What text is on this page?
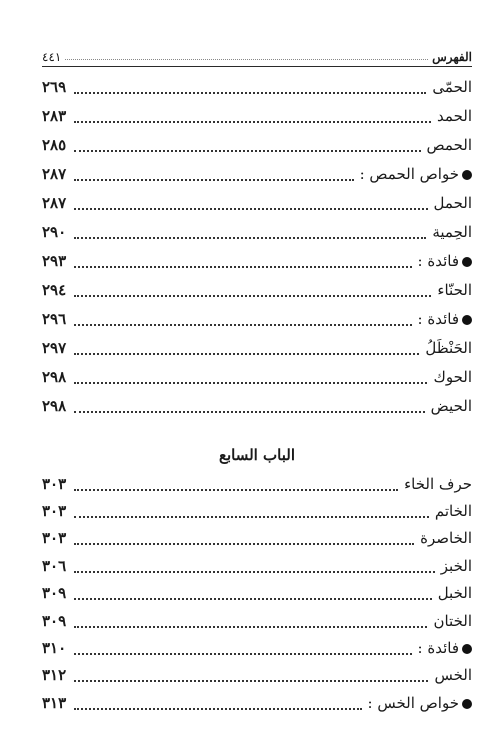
الفهرس
٤٤١
الحمّى
٢٦٩
الحمد
٢٨٣
الحمص
٢٨٥
خواص الحمص :
٢٨٧
الحمل
٢٨٧
الحِمية
٢٩٠
فائدة :
٢٩٣
الحنّاء
٢٩٤
فائدة :
٢٩٦
الحَنْظَلُ
٢٩٧
الحوك
٢٩٨
الحيض
٢٩٨
الباب السابع
حرف الخاء
٣٠٣
الخاتم
٣٠٣
الخاصرة
٣٠٣
الخبز
٣٠٦
الخبل
٣٠٩
الختان
٣٠٩
فائدة :
٣١٠
الخس
٣١٢
خواص الخس :
٣١٣
